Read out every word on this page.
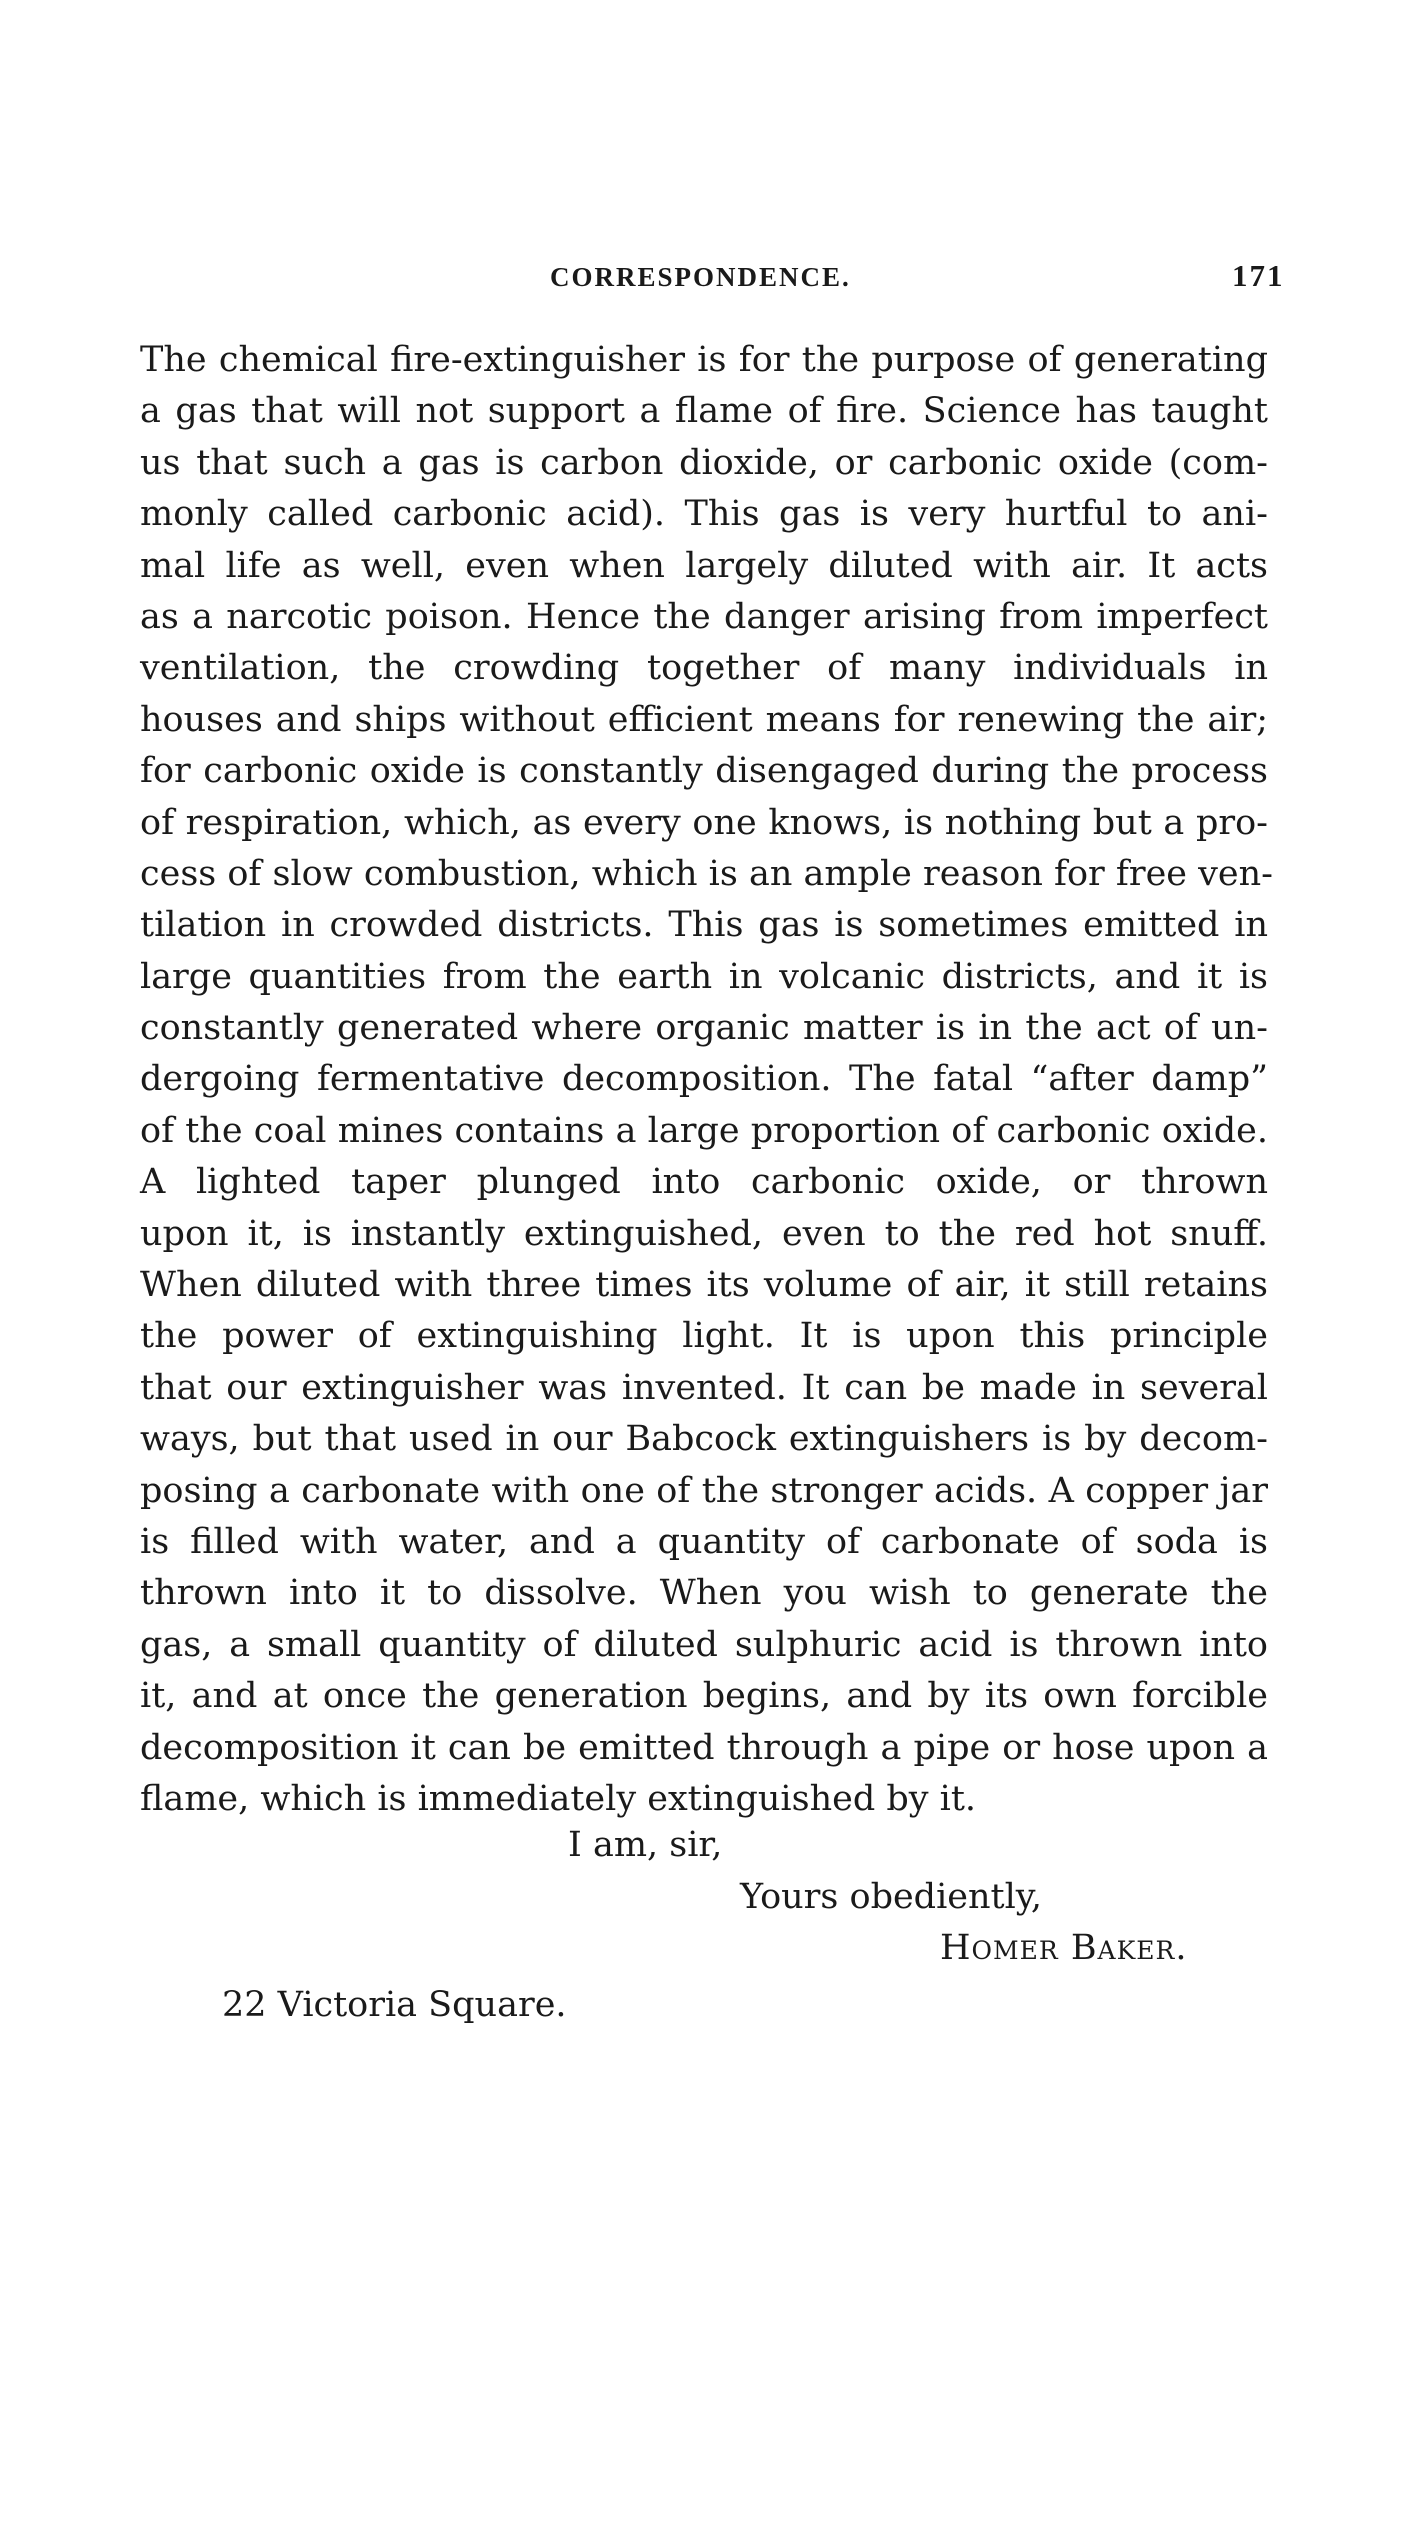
CORRESPONDENCE.	171
The chemical fire-extinguisher is for the purpose of generating
a gas that will not support a flame of fire. Science has taught
us that such a gas is carbon dioxide, or carbonic oxide (com-
monly called carbonic acid). This gas is very hurtful to ani-
mal life as well, even when largely diluted with air. It acts
as a narcotic poison. Hence the danger arising from imperfect
ventilation, the crowding together of many individuals in
houses and ships without efficient means for renewing the air;
for carbonic oxide is constantly disengaged during the process
of respiration, which, as every one knows, is nothing but a pro-
cess of slow combustion, which is an ample reason for free ven-
tilation in crowded districts. This gas is sometimes emitted in
large quantities from the earth in volcanic districts, and it is
constantly generated where organic matter is in the act of un-
dergoing fermentative decomposition. The fatal “after damp”
of the coal mines contains a large proportion of carbonic oxide.
A lighted taper plunged into carbonic oxide, or thrown
upon it, is instantly extinguished, even to the red hot snuff.
When diluted with three times its volume of air, it still retains
the power of extinguishing light. It is upon this principle
that our extinguisher was invented. It can be made in several
ways, but that used in our Babcock extinguishers is by decom-
posing a carbonate with one of the stronger acids. A copper jar
is filled with water, and a quantity of carbonate of soda is
thrown into it to dissolve. When you wish to generate the
gas, a small quantity of diluted sulphuric acid is thrown into
it, and at once the generation begins, and by its own forcible
decomposition it can be emitted through a pipe or hose upon a
flame, which is immediately extinguished by it.
I am, sir,
Yours obediently,
Homer Baker.
22 Victoria Square.
